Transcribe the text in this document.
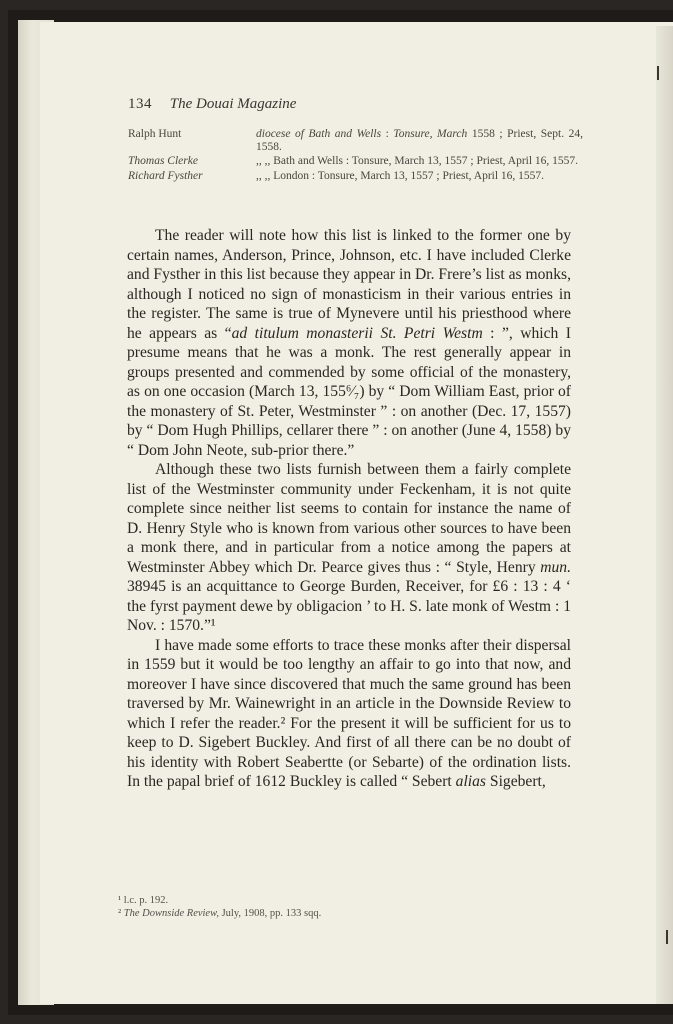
134 The Douai Magazine
Ralph Hunt	diocese of Bath and Wells : Tonsure, March 1558 ; Priest, Sept. 24, 1558.
Thomas Clerke	,, ,, Bath and Wells : Tonsure, March 13, 1557 ; Priest, April 16, 1557.
Richard Fysther	,, ,, London : Tonsure, March 13, 1557 ; Priest, April 16, 1557.

The reader will note how this list is linked to the former one by certain names, Anderson, Prince, Johnson, etc. I have included Clerke and Fysther in this list because they appear in Dr. Frere’s list as monks, although I noticed no sign of monasticism in their various entries in the register. The same is true of Mynevere until his priesthood where he appears as “ad titulum monasterii St. Petri Westm : ”, which I presume means that he was a monk. The rest generally appear in groups presented and commended by some official of the monastery, as on one occasion (March 13, 155⁶⁄₇) by “ Dom William East, prior of the monastery of St. Peter, Westminster ” : on another (Dec. 17, 1557) by “ Dom Hugh Phillips, cellarer there ” : on another (June 4, 1558) by “ Dom John Neote, sub-prior there.”

Although these two lists furnish between them a fairly complete list of the Westminster community under Feckenham, it is not quite complete since neither list seems to contain for instance the name of D. Henry Style who is known from various other sources to have been a monk there, and in particular from a notice among the papers at Westminster Abbey which Dr. Pearce gives thus : “ Style, Henry mun. 38945 is an acquittance to George Burden, Receiver, for £6 : 13 : 4 ‘ the fyrst payment dewe by obligacion ’ to H. S. late monk of Westm : 1 Nov. : 1570.”¹

I have made some efforts to trace these monks after their dispersal in 1559 but it would be too lengthy an affair to go into that now, and moreover I have since discovered that much the same ground has been traversed by Mr. Wainewright in an article in the Downside Review to which I refer the reader.² For the present it will be sufficient for us to keep to D. Sigebert Buckley. And first of all there can be no doubt of his identity with Robert Seabertte (or Sebarte) of the ordination lists. In the papal brief of 1612 Buckley is called “ Sebert alias Sigebert,

¹ l.c. p. 192.
² The Downside Review, July, 1908, pp. 133 sqq.
